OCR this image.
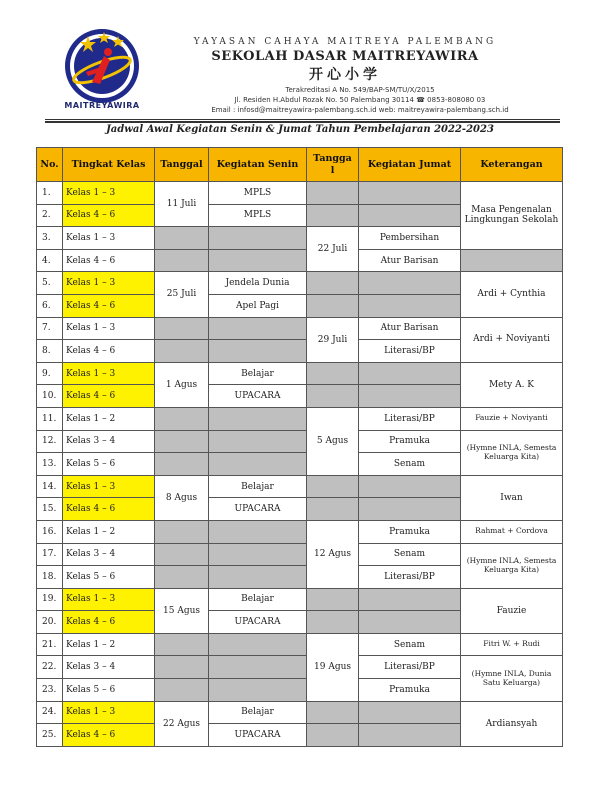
MAITREYAWIRA
YAYASAN CAHAYA MAITREYA PALEMBANG
SEKOLAH DASAR MAITREYAWIRA
开心小学
Terakreditasi A No. 549/BAP-SM/TU/X/2015
Jl. Residen H.Abdul Rozak No. 50 Palembang 30114 ☎ 0853-808080 03
Email : infosd@maitreyawira-palembang.sch.id web: maitreyawira-palembang.sch.id
Jadwal Awal Kegiatan Senin & Jumat Tahun Pembelajaran 2022-2023
No.	Tingkat Kelas	Tanggal	Kegiatan Senin	Tangga l	Kegiatan Jumat	Keterangan
1.	Kelas 1 – 3	11 Juli	MPLS			Masa Pengenalan Lingkungan Sekolah
2.	Kelas 4 – 6		MPLS			
3.	Kelas 1 – 3			22 Juli	Pembersihan	
4.	Kelas 4 – 6				Atur Barisan	
5.	Kelas 1 – 3	25 Juli	Jendela Dunia			Ardi + Cynthia
6.	Kelas 4 – 6		Apel Pagi			
7.	Kelas 1 – 3			29 Juli	Atur Barisan	Ardi + Noviyanti
8.	Kelas 4 – 6				Literasi/BP	
9.	Kelas 1 – 3	1 Agus	Belajar			Mety A. K
10.	Kelas 4 – 6		UPACARA			
11.	Kelas 1 – 2			5 Agus	Literasi/BP	Fauzie + Noviyanti
12.	Kelas 3 – 4				Pramuka	(Hymne INLA, Semesta Keluarga Kita)
13.	Kelas 5 – 6				Senam	
14.	Kelas 1 – 3	8 Agus	Belajar			Iwan
15.	Kelas 4 – 6		UPACARA			
16.	Kelas 1 – 2			12 Agus	Pramuka	Rahmat + Cordova
17.	Kelas 3 – 4				Senam	(Hymne INLA, Semesta Keluarga Kita)
18.	Kelas 5 – 6				Literasi/BP	
19.	Kelas 1 – 3	15 Agus	Belajar			Fauzie
20.	Kelas 4 – 6		UPACARA			
21.	Kelas 1 – 2			19 Agus	Senam	Fitri W. + Rudi
22.	Kelas 3 – 4				Literasi/BP	(Hymne INLA, Dunia Satu Keluarga)
23.	Kelas 5 – 6				Pramuka	
24.	Kelas 1 – 3	22 Agus	Belajar			Ardiansyah
25.	Kelas 4 – 6		UPACARA			
